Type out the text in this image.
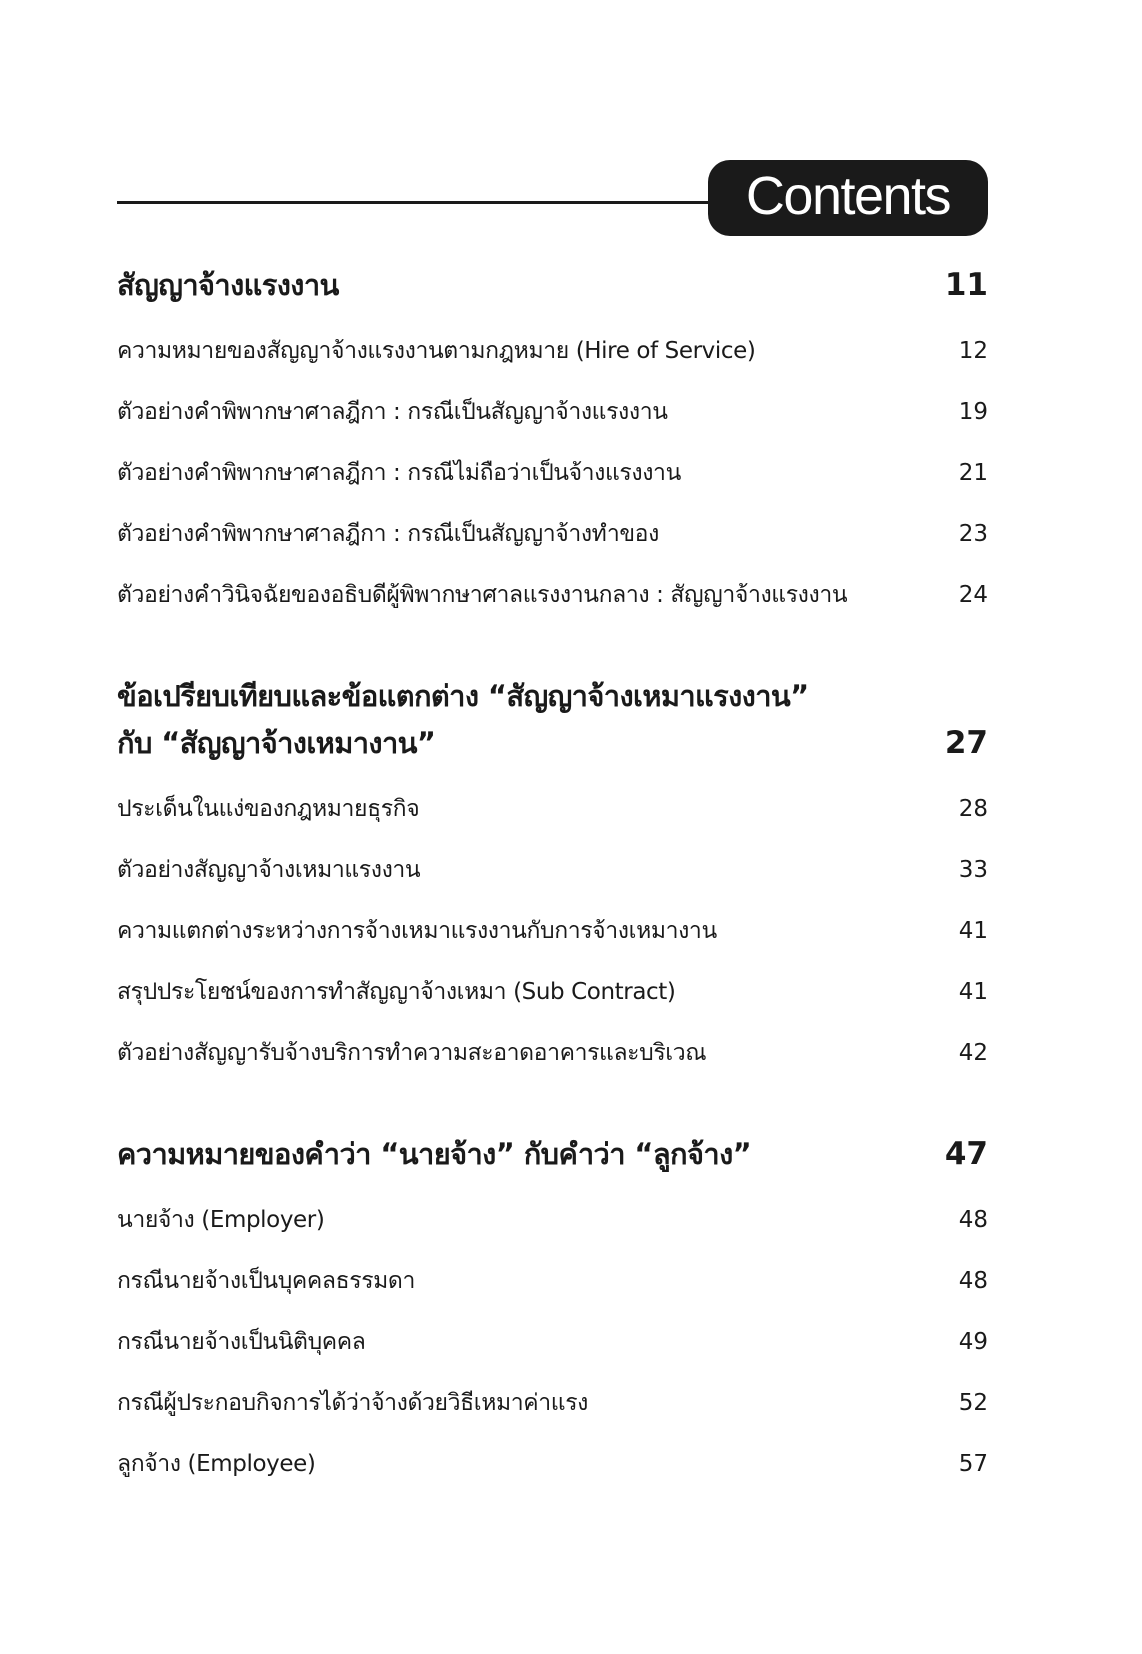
Contents
สัญญาจ้างแรงงาน	11
ความหมายของสัญญาจ้างแรงงานตามกฎหมาย (Hire of Service)	12
ตัวอย่างคำพิพากษาศาลฎีกา : กรณีเป็นสัญญาจ้างแรงงาน	19
ตัวอย่างคำพิพากษาศาลฎีกา : กรณีไม่ถือว่าเป็นจ้างแรงงาน	21
ตัวอย่างคำพิพากษาศาลฎีกา : กรณีเป็นสัญญาจ้างทำของ	23
ตัวอย่างคำวินิจฉัยของอธิบดีผู้พิพากษาศาลแรงงานกลาง : สัญญาจ้างแรงงาน	24
ข้อเปรียบเทียบและข้อแตกต่าง “สัญญาจ้างเหมาแรงงาน”
กับ “สัญญาจ้างเหมางาน”	27
ประเด็นในแง่ของกฎหมายธุรกิจ	28
ตัวอย่างสัญญาจ้างเหมาแรงงาน	33
ความแตกต่างระหว่างการจ้างเหมาแรงงานกับการจ้างเหมางาน	41
สรุปประโยชน์ของการทำสัญญาจ้างเหมา (Sub Contract)	41
ตัวอย่างสัญญารับจ้างบริการทำความสะอาดอาคารและบริเวณ	42
ความหมายของคำว่า “นายจ้าง” กับคำว่า “ลูกจ้าง”	47
นายจ้าง (Employer)	48
กรณีนายจ้างเป็นบุคคลธรรมดา	48
กรณีนายจ้างเป็นนิติบุคคล	49
กรณีผู้ประกอบกิจการได้ว่าจ้างด้วยวิธีเหมาค่าแรง	52
ลูกจ้าง (Employee)	57
